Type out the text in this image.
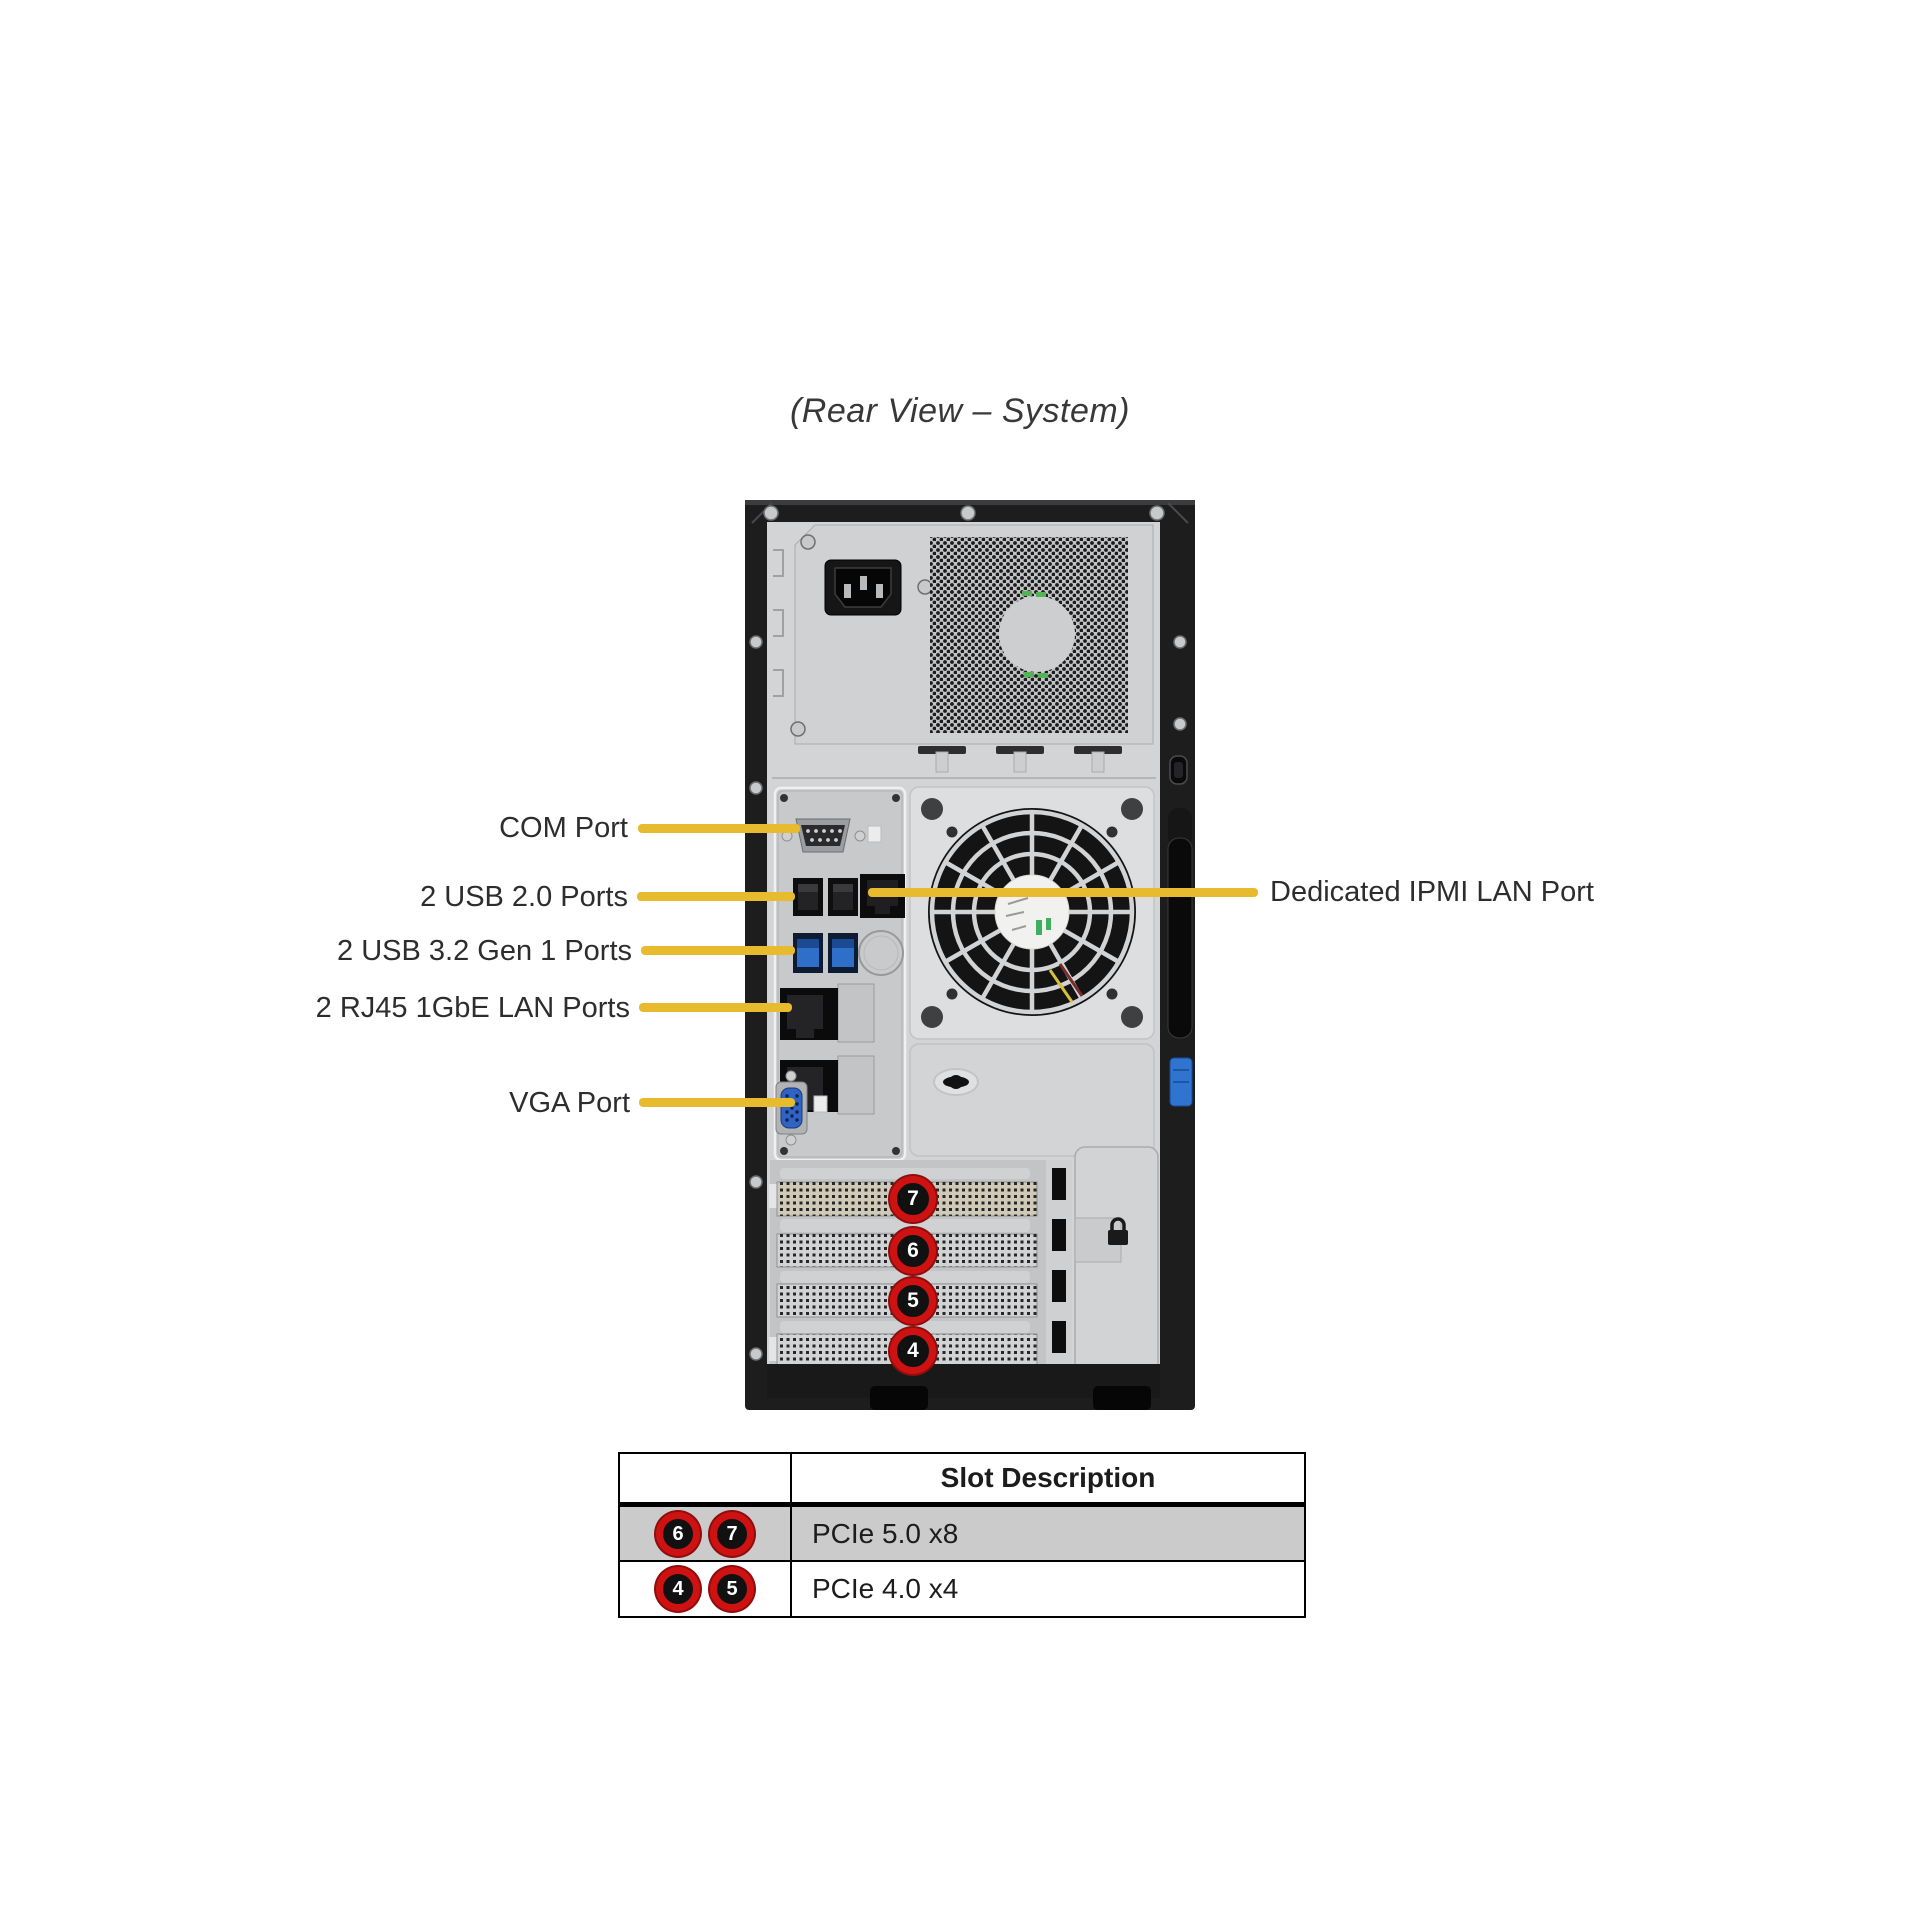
(Rear View – System)
7
6
5
4
COM Port
2 USB 2.0 Ports
2 USB 3.2 Gen 1 Ports
2 RJ45 1GbE LAN Ports
VGA Port
Dedicated IPMI LAN Port
Slot Description
6	7	PCIe 5.0 x8
4	5	PCIe 4.0 x4
